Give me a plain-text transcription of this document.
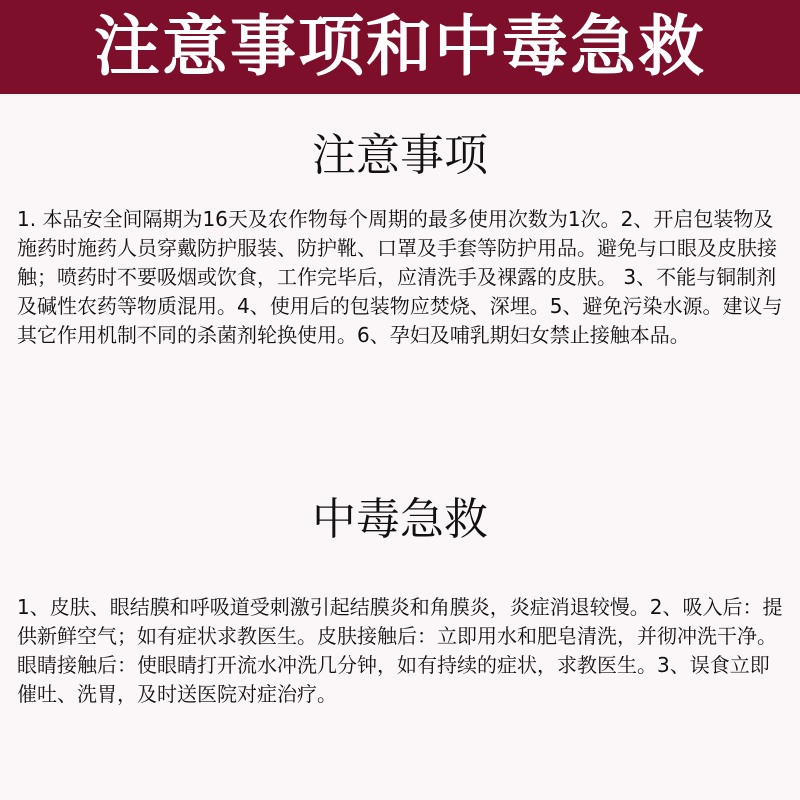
注意事项和中毒急救
注意事项

1. 本品安全间隔期为16天及农作物每个周期的最多使用次数为1次。2、开启包装物及施药时施药人员穿戴防护服装、防护靴、口罩及手套等防护用品。避免与口眼及皮肤接触；喷药时不要吸烟或饮食，工作完毕后，应清洗手及裸露的皮肤。 3、不能与铜制剂及碱性农药等物质混用。4、使用后的包装物应焚烧、深埋。5、避免污染水源。建议与其它作用机制不同的杀菌剂轮换使用。6、孕妇及哺乳期妇女禁止接触本品。

中毒急救

1、皮肤、眼结膜和呼吸道受刺激引起结膜炎和角膜炎，炎症消退较慢。2、吸入后：提供新鲜空气；如有症状求教医生。皮肤接触后：立即用水和肥皂清洗，并彻冲洗干净。眼睛接触后：使眼睛打开流水冲洗几分钟，如有持续的症状，求教医生。3、误食立即催吐、洗胃，及时送医院对症治疗。
